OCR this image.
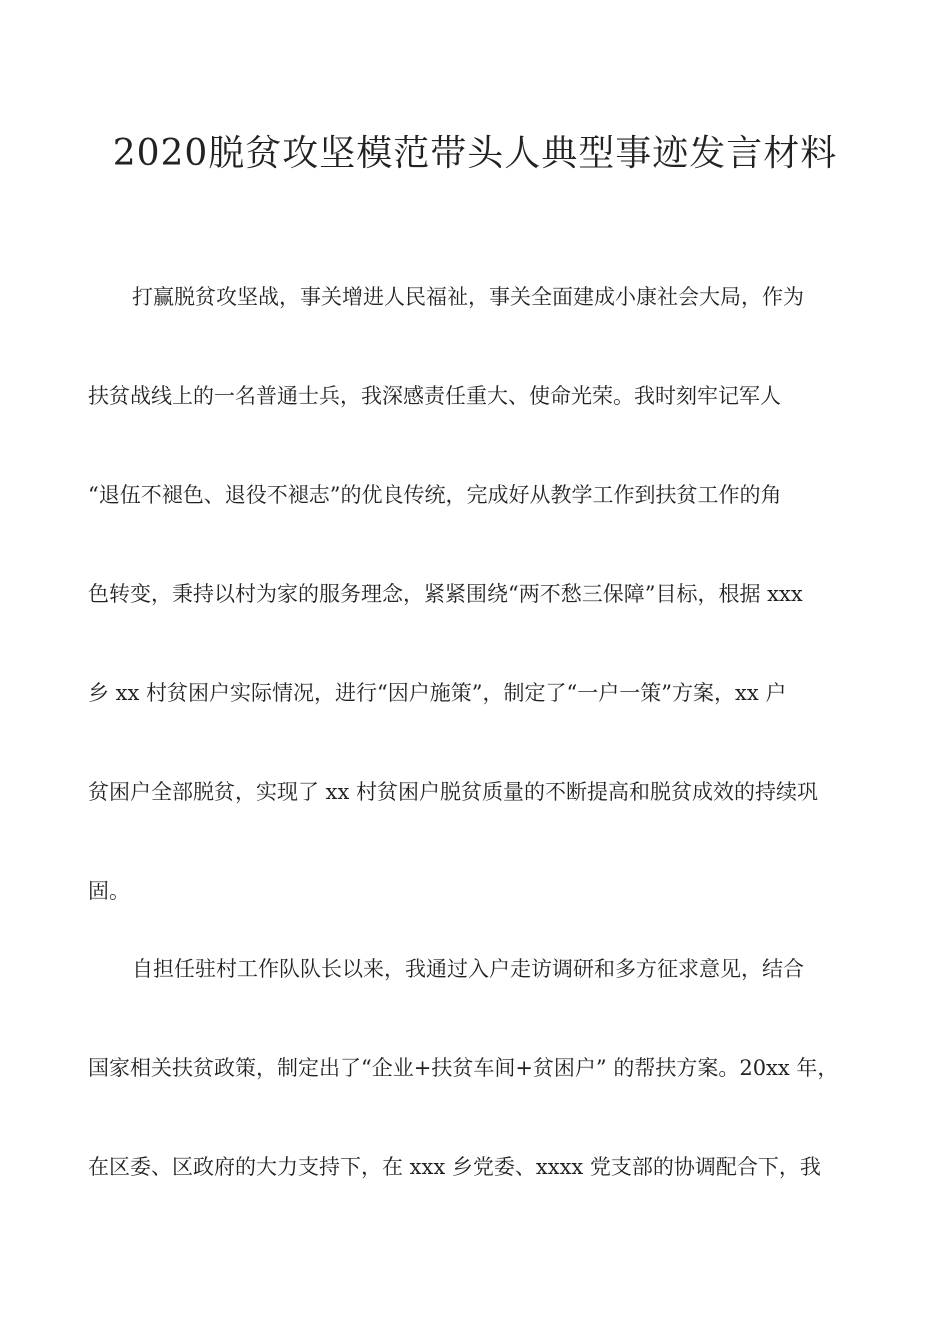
2020脱贫攻坚模范带头人典型事迹发言材料
打赢脱贫攻坚战，事关增进人民福祉，事关全面建成小康社会大局，作为
扶贫战线上的一名普通士兵，我深感责任重大、使命光荣。我时刻牢记军人
“退伍不褪色、退役不褪志”的优良传统，完成好从教学工作到扶贫工作的角
色转变，秉持以村为家的服务理念，紧紧围绕“两不愁三保障”目标，根据 xxx
乡 xx 村贫困户实际情况，进行“因户施策”，制定了“一户一策”方案，xx 户
贫困户全部脱贫，实现了 xx 村贫困户脱贫质量的不断提高和脱贫成效的持续巩
固。
自担任驻村工作队队长以来，我通过入户走访调研和多方征求意见，结合
国家相关扶贫政策，制定出了“企业+扶贫车间+贫困户” 的帮扶方案。20xx 年，
在区委、区政府的大力支持下，在 xxx 乡党委、xxxx 党支部的协调配合下，我
